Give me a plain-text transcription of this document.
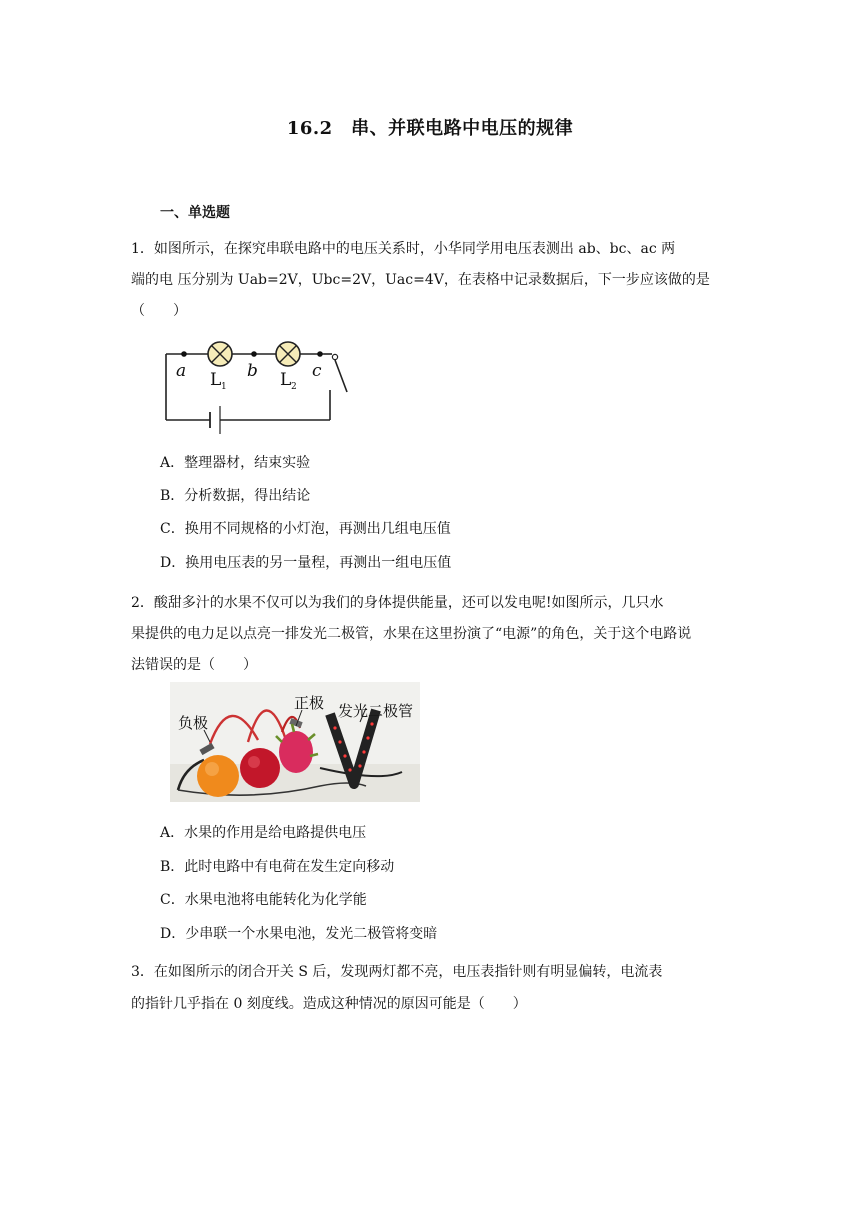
16.2　串、并联电路中电压的规律
一、单选题
1．如图所示，在探究串联电路中的电压关系时，小华同学用电压表测出 ab、bc、ac 两
端的电 压分别为 Uab=2V，Ubc=2V，Uac=4V，在表格中记录数据后，下一步应该做的是
（　　）
a	b	c
L 1	L 2
A．整理器材，结束实验
B．分析数据，得出结论
C．换用不同规格的小灯泡，再测出几组电压值
D．换用电压表的另一量程，再测出一组电压值
2．酸甜多汁的水果不仅可以为我们的身体提供能量，还可以发电呢!如图所示，几只水
果提供的电力足以点亮一排发光二极管，水果在这里扮演了“电源”的角色，关于这个电路说
法错误的是（　　）
负极
正极 发光二极管
A．水果的作用是给电路提供电压
B．此时电路中有电荷在发生定向移动
C．水果电池将电能转化为化学能
D．少串联一个水果电池，发光二极管将变暗
3．在如图所示的闭合开关 S 后，发现两灯都不亮，电压表指针则有明显偏转，电流表
的指针几乎指在 0 刻度线。造成这种情况的原因可能是（　　）
